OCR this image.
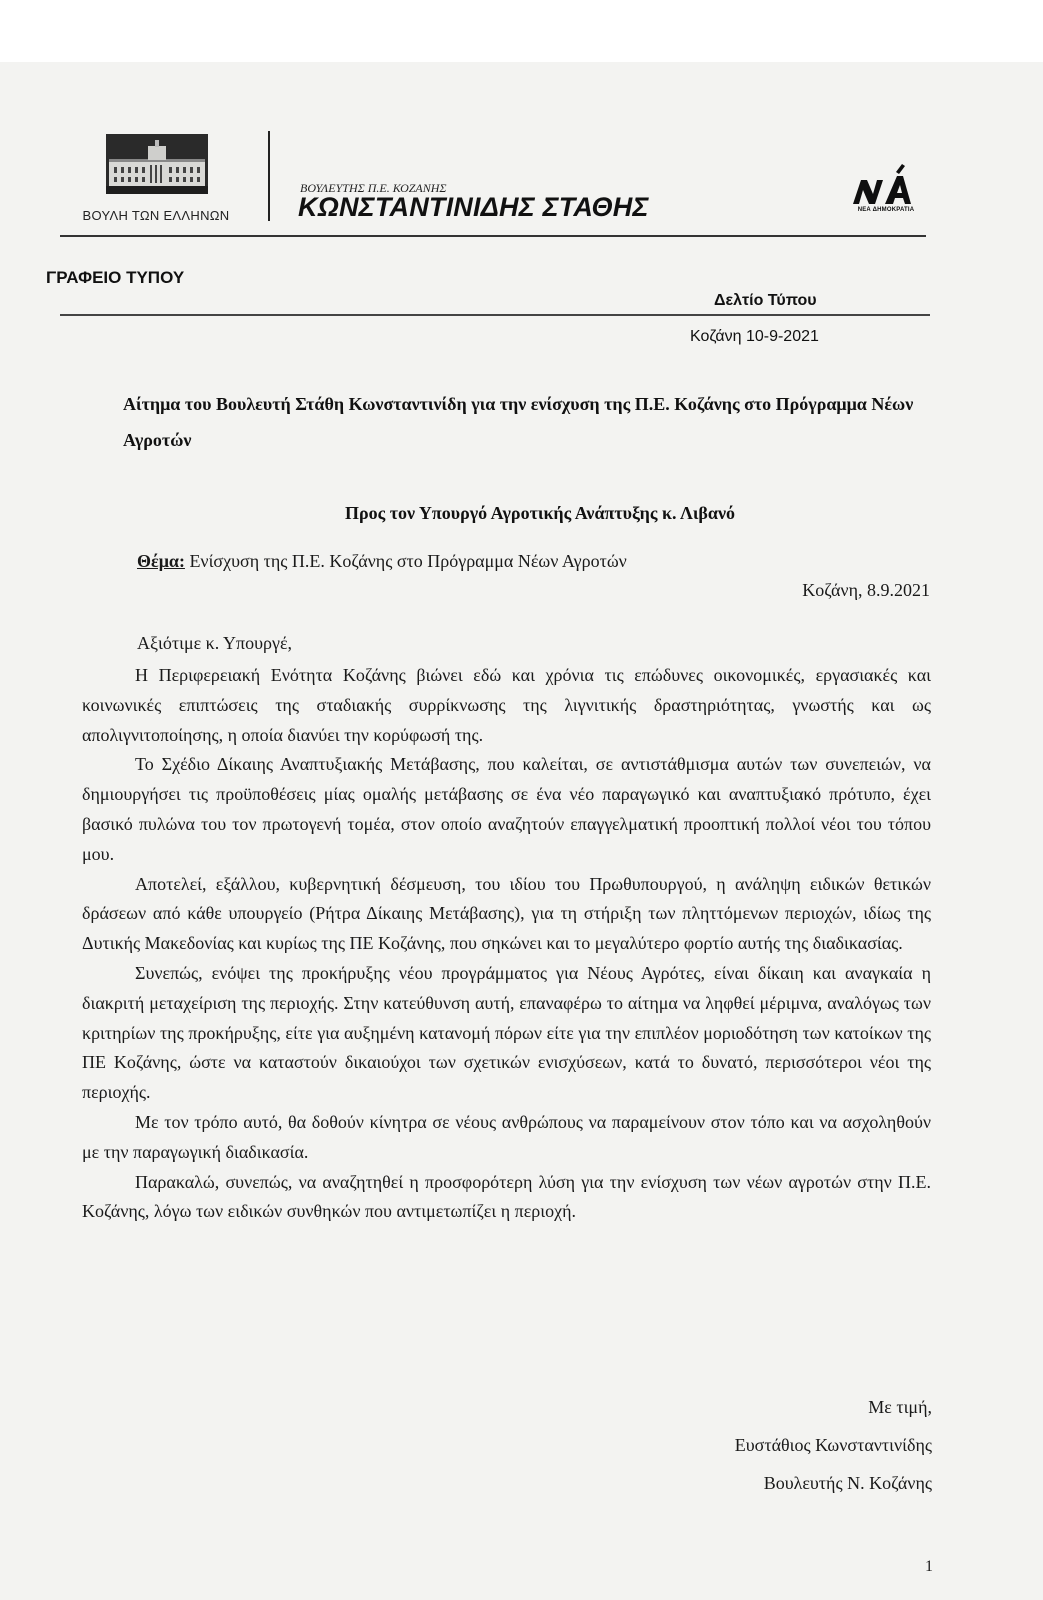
ΒΟΥΛΗ ΤΩΝ ΕΛΛΗΝΩΝ
ΒΟΥΛΕΥΤΗΣ Π.Ε. ΚΟΖΑΝΗΣ
ΚΩΝΣΤΑΝΤΙΝΙΔΗΣ ΣΤΑΘΗΣ	ΝΕΑ ΔΗΜΟΚΡΑΤΙΑ
ΓΡΑΦΕΙΟ ΤΥΠΟΥ
Δελτίο Τύπου
Κοζάνη 10-9-2021
Αίτημα του Βουλευτή Στάθη Κωνσταντινίδη για την ενίσχυση της Π.Ε. Κοζάνης στο Πρόγραμμα Νέων Αγροτών
Προς τον Υπουργό Αγροτικής Ανάπτυξης κ. Λιβανό
Θέμα: Ενίσχυση της Π.Ε. Κοζάνης στο Πρόγραμμα Νέων Αγροτών
Κοζάνη, 8.9.2021
Αξιότιμε κ. Υπουργέ,

Η Περιφερειακή Ενότητα Κοζάνης βιώνει εδώ και χρόνια τις επώδυνες οικονομικές, εργασιακές και κοινωνικές επιπτώσεις της σταδιακής συρρίκνωσης της λιγνιτικής δραστηριότητας, γνωστής και ως απολιγνιτοποίησης, η οποία διανύει την κορύφωσή της.

Το Σχέδιο Δίκαιης Αναπτυξιακής Μετάβασης, που καλείται, σε αντιστάθμισμα αυτών των συνεπειών, να δημιουργήσει τις προϋποθέσεις μίας ομαλής μετάβασης σε ένα νέο παραγωγικό και αναπτυξιακό πρότυπο, έχει βασικό πυλώνα του τον πρωτογενή τομέα, στον οποίο αναζητούν επαγγελματική προοπτική πολλοί νέοι του τόπου μου.

Αποτελεί, εξάλλου, κυβερνητική δέσμευση, του ιδίου του Πρωθυπουργού, η ανάληψη ειδικών θετικών δράσεων από κάθε υπουργείο (Ρήτρα Δίκαιης Μετάβασης), για τη στήριξη των πληττόμενων περιοχών, ιδίως της Δυτικής Μακεδονίας και κυρίως της ΠΕ Κοζάνης, που σηκώνει και το μεγαλύτερο φορτίο αυτής της διαδικασίας.

Συνεπώς, ενόψει της προκήρυξης νέου προγράμματος για Νέους Αγρότες, είναι δίκαιη και αναγκαία η διακριτή μεταχείριση της περιοχής. Στην κατεύθυνση αυτή, επαναφέρω το αίτημα να ληφθεί μέριμνα, αναλόγως των κριτηρίων της προκήρυξης, είτε για αυξημένη κατανομή πόρων είτε για την επιπλέον μοριοδότηση των κατοίκων της ΠΕ Κοζάνης, ώστε να καταστούν δικαιούχοι των σχετικών ενισχύσεων, κατά το δυνατό, περισσότεροι νέοι της περιοχής.

Με τον τρόπο αυτό, θα δοθούν κίνητρα σε νέους ανθρώπους να παραμείνουν στον τόπο και να ασχοληθούν με την παραγωγική διαδικασία.

Παρακαλώ, συνεπώς, να αναζητηθεί η προσφορότερη λύση για την ενίσχυση των νέων αγροτών στην Π.Ε. Κοζάνης, λόγω των ειδικών συνθηκών που αντιμετωπίζει η περιοχή.

Με τιμή,
Ευστάθιος Κωνσταντινίδης
Βουλευτής Ν. Κοζάνης
1
